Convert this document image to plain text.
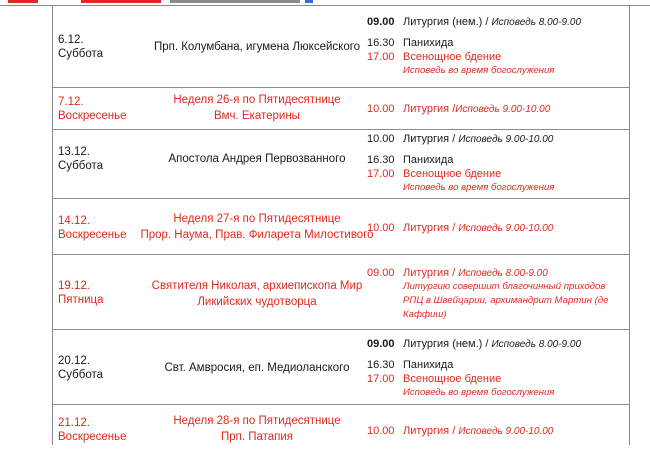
6.12.
Суббота
Прп. Колумбана, игумена Люксейского
09.00 Литургия (нем.) / Исповедь 8.00-9.00
16.30 Панихида
17.00 Всенощное бдение
Исповедь во время богослужения
7.12.
Воскресенье
Неделя 26-я по Пятидесятнице
Вмч. Екатерины
10.00 Литургия /Исповедь 9.00-10.00
13.12.
Суббота
Апостола Андрея Первозванного
10.00 Литургия / Исповедь 9.00-10.00
16.30 Панихида
17.00 Всенощное бдение
Исповедь во время богослужения
14.12.
Воскресенье
Неделя 27-я по Пятидесятнице
Прор. Наума, Прав. Филарета Милостивого
10.00 Литургия / Исповедь 9.00-10.00
19.12.
Пятница
Святителя Николая, архиепископа Мир
Ликийских чудотворца
09.00 Литургия / Исповедь 8.00-9.00
Литургию совершит благочинный приходов
РПЦ в Швейцарии, архимандрит Мартин (де
Каффиш)
20.12.
Суббота
Свт. Амвросия, еп. Медиоланского
09.00 Литургия (нем.) / Исповедь 8.00-9.00
16.30 Панихида
17.00 Всенощное бдение
Исповедь во время богослужения
21.12.
Воскресенье
Неделя 28-я по Пятидесятнице
Прп. Патапия	10.00 Литургия / Исповедь 9.00-10.00
